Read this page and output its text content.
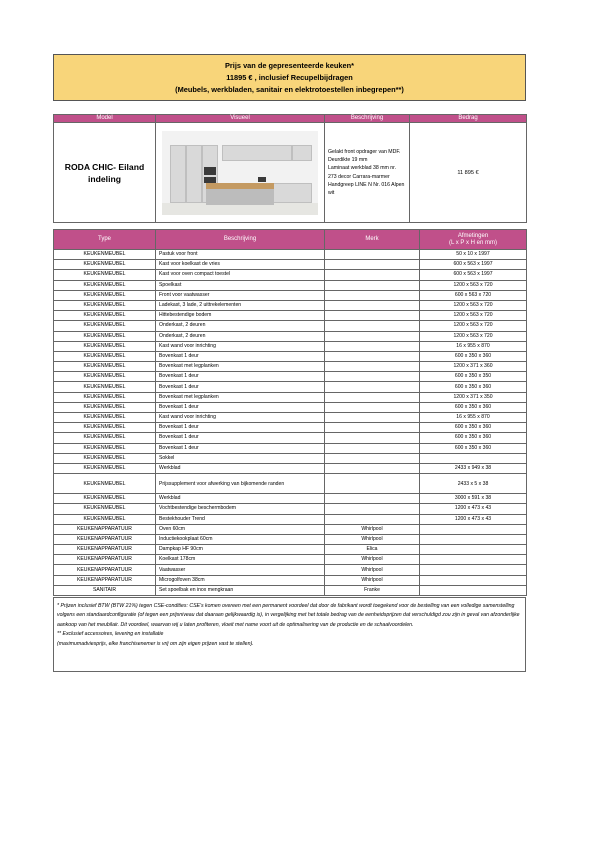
Prijs van de gepresenteerde keuken*
11895 € , inclusief Recupelbijdragen
(Meubels, werkbladen, sanitair en elektrotoestellen inbegrepen**)
Model	Visueel	Beschrijving	Bedrag
RODA CHIC- Eiland indeling		Gelakt front opdrager van MDF.
Deurdikte 19 mm
Laminaat werkblad 38 mm nr. 273 decor Carrara-marmer
Handgreep LINE N Nr. 016 Alpen wit	11 895 €
Type	Beschrijving	Merk	Afmetingen
(L x P x H en mm)

KEUKENMEUBEL	Pastuk voor front		50 x 10 x 1997
KEUKENMEUBEL	Kast voor koelkast de vries		600 x 563 x 1997
KEUKENMEUBEL	Kast voor oven compact toestel		600 x 563 x 1997
KEUKENMEUBEL	Spoelkast		1200 x 563 x 720
KEUKENMEUBEL	Front voor vaatwasser		600 x 563 x 720
KEUKENMEUBEL	Ladekast, 3 lade, 2 uittrekelementen		1200 x 563 x 720
KEUKENMEUBEL	Hittebestendige bodem		1200 x 563 x 720
KEUKENMEUBEL	Onderkast, 2 deuren		1200 x 563 x 720
KEUKENMEUBEL	Onderkast, 2 deuren		1200 x 563 x 720
KEUKENMEUBEL	Kast wand voor inrichting		16 x 955 x 870
KEUKENMEUBEL	Bovenkast 1 deur		600 x 350 x 360
KEUKENMEUBEL	Bovenkast met legplanken		1200 x 371 x 360
KEUKENMEUBEL	Bovenkast 1 deur		600 x 350 x 350
KEUKENMEUBEL	Bovenkast 1 deur		600 x 350 x 360
KEUKENMEUBEL	Bovenkast met legplanken		1200 x 371 x 350
KEUKENMEUBEL	Bovenkast 1 deur		600 x 350 x 360
KEUKENMEUBEL	Kast wand voor inrichting		16 x 955 x 870
KEUKENMEUBEL	Bovenkast 1 deur		600 x 350 x 360
KEUKENMEUBEL	Bovenkast 1 deur		600 x 350 x 360
KEUKENMEUBEL	Bovenkast 1 deur		600 x 350 x 360
KEUKENMEUBEL	Sokkel		
KEUKENMEUBEL	Werkblad		2433 x 949 x 38
KEUKENMEUBEL	Prijssupplement voor afwerking van bijkomende randen		2433 x 5 x 38
KEUKENMEUBEL	Werkblad		3000 x 591 x 38
KEUKENMEUBEL	Vochtbestendige beschermbodem		1200 x 473 x 43
KEUKENMEUBEL	Bestekhouder Trend		1200 x 473 x 43
KEUKENAPPARATUUR	Oven 60cm	Whirlpool	
KEUKENAPPARATUUR	Inductiekookplaat 60cm	Whirlpool	
KEUKENAPPARATUUR	Dampkap HF 90cm	Elica	
KEUKENAPPARATUUR	Koelkast 178cm	Whirlpool	
KEUKENAPPARATUUR	Vaatwasser	Whirlpool	
KEUKENAPPARATUUR	Microgolfoven 38cm	Whirlpool	
SANITAIR	Set spoelbak en inox mengkraan	Franke	

* Prijzen inclusief BTW (BTW 21%) tegen CSE-condities: CSE's komen overeen met een permanent voordeel dat door de fabrikant wordt toegekend voor de bestelling van een volledige samenstelling volgens een standaardconfiguratie (of tegen een prijsniveau dat daaraan gelijkwaardig is), in vergelijking met het totale bedrag van de eenheidsprijzen dat verschuldigd zou zijn in geval van afzonderlijke aankoop van het meubilair. Dit voordeel, waarvan wij u laten profiteren, vloeit met name voort uit de optimalisering van de productie en de schaalvoordelen.

** Exclusief accessoires, levering en installatie

(maximumadviesprijs, elke franchisenemer is vrij om zijn eigen prijzen vast te stellen).
